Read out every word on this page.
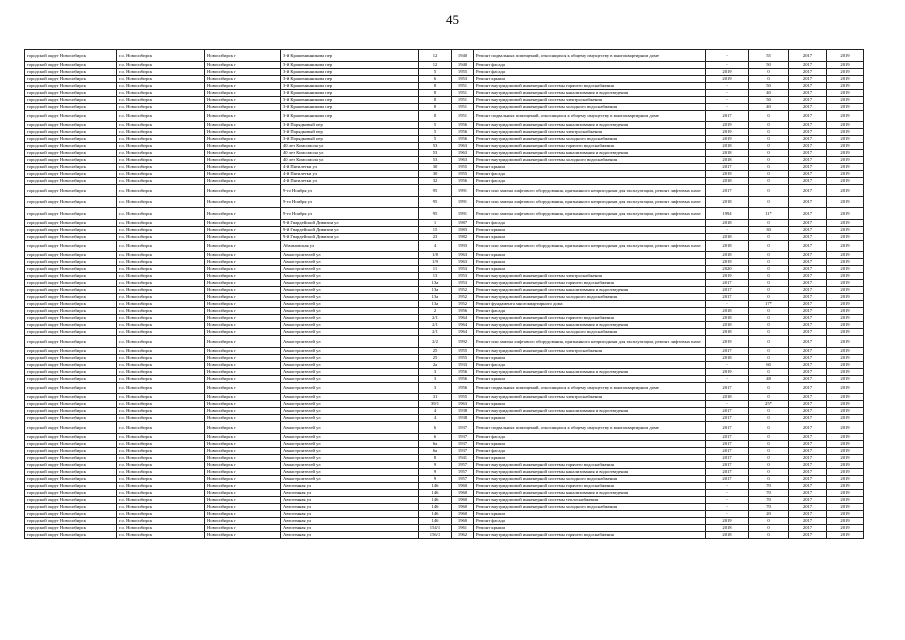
45
городской округ Новосибирск	г.о. Новосибирск	Новосибирск г	3-й Крашенинникова пер	12	1940	Ремонт подвальных помещений, относящихся к общему имуществу в многоквартирном доме	-	55	2017	2019
городской округ Новосибирск	г.о. Новосибирск	Новосибирск г	3-й Крашенинникова пер	12	1940	Ремонт фасада	-	50	2017	2019
городской округ Новосибирск	г.о. Новосибирск	Новосибирск г	3-й Крашенинникова пер	5	1955	Ремонт фасада	2019	0	2017	2019
городской округ Новосибирск	г.о. Новосибирск	Новосибирск г	3-й Крашенинникова пер	6	1953	Ремонт крыши	2019	0	2017	2019
городской округ Новосибирск	г.о. Новосибирск	Новосибирск г	3-й Крашенинникова пер	8	1951	Ремонт внутридомовой инженерной системы горячего водоснабжения	-	50	2017	2019
городской округ Новосибирск	г.о. Новосибирск	Новосибирск г	3-й Крашенинникова пер	8	1951	Ремонт внутридомовой инженерной системы канализования и водоотведения	-	40	2017	2019
городской округ Новосибирск	г.о. Новосибирск	Новосибирск г	3-й Крашенинникова пер	8	1951	Ремонт внутридомовой инженерной системы электроснабжения	-	50	2017	2019
городской округ Новосибирск	г.о. Новосибирск	Новосибирск г	3-й Крашенинникова пер	8	1951	Ремонт внутридомовой инженерной системы холодного водоснабжения	-	40	2017	2019
городской округ Новосибирск	г.о. Новосибирск	Новосибирск г	3-й Крашенинникова пер	8	1951	Ремонт подвальных помещений, относящихся к общему имуществу в многоквартирном доме	2017	0	2017	2019
городской округ Новосибирск	г.о. Новосибирск	Новосибирск г	3-й Порядковый пер	5	1956	Ремонт внутридомовой инженерной системы канализования и водоотведения	2019	0	2017	2019
городской округ Новосибирск	г.о. Новосибирск	Новосибирск г	3-й Порядковый пер	5	1956	Ремонт внутридомовой инженерной системы электроснабжения	2019	0	2017	2019
городской округ Новосибирск	г.о. Новосибирск	Новосибирск г	3-й Порядковый пер	5	1956	Ремонт внутридомовой инженерной системы холодного водоснабжения	2019	0	2017	2019
городской округ Новосибирск	г.о. Новосибирск	Новосибирск г	40 лет Комсомола ул	53	1963	Ремонт внутридомовой инженерной системы горячего водоснабжения	2018	0	2017	2019
городской округ Новосибирск	г.о. Новосибирск	Новосибирск г	40 лет Комсомола ул	53	1963	Ремонт внутридомовой инженерной системы канализования и водоотведения	2018	0	2017	2019
городской округ Новосибирск	г.о. Новосибирск	Новосибирск г	40 лет Комсомола ул	53	1963	Ремонт внутридомовой инженерной системы холодного водоснабжения	2018	0	2017	2019
городской округ Новосибирск	г.о. Новосибирск	Новосибирск г	4-й Пятилетки ул	30	1955	Ремонт крыши	2017	0	2017	2019
городской округ Новосибирск	г.о. Новосибирск	Новосибирск г	4-й Пятилетки ул	30	1955	Ремонт фасада	2019	0	2017	2019
городской округ Новосибирск	г.о. Новосибирск	Новосибирск г	4-й Пятилетки ул	32	1956	Ремонт фасада	2018	0	2017	2019
городской округ Новосибирск	г.о. Новосибирск	Новосибирск г	9-го Ноября ул	95	1991	Ремонт или замена лифтового оборудования, признанного непригодным для эксплуатации, ремонт лифтовых шахт	2017	0	2017	2019
городской округ Новосибирск	г.о. Новосибирск	Новосибирск г	9-го Ноября ул	95	1991	Ремонт или замена лифтового оборудования, признанного непригодным для эксплуатации, ремонт лифтовых шахт	2018	0	2017	2019
городской округ Новосибирск	г.о. Новосибирск	Новосибирск г	9-го Ноября ул	95	1991	Ремонт или замена лифтового оборудования, признанного непригодным для эксплуатации, ремонт лифтовых шахт	1994	11*	2017	2019
городской округ Новосибирск	г.о. Новосибирск	Новосибирск г	9-й Гвардейской Дивизии ул	1	1987	Ремонт фасада	2018	0	2017	2019
городской округ Новосибирск	г.о. Новосибирск	Новосибирск г	9-й Гвардейской Дивизии ул	15	1983	Ремонт крыши	-	30	2017	2019
городской округ Новосибирск	г.о. Новосибирск	Новосибирск г	9-й Гвардейской Дивизии ул	23	1982	Ремонт крыши	2018	0	2017	2019
городской округ Новосибирск	г.о. Новосибирск	Новосибирск г	Абаимовская ул	4	1993	Ремонт или замена лифтового оборудования, признанного непригодным для эксплуатации, ремонт лифтовых шахт	2018	0	2017	2019
городской округ Новосибирск	г.о. Новосибирск	Новосибирск г	Авиастроителей ул	1/8	1963	Ремонт крыши	2018	0	2017	2019
городской округ Новосибирск	г.о. Новосибирск	Новосибирск г	Авиастроителей ул	1/9	1963	Ремонт крыши	2019	0	2017	2019
городской округ Новосибирск	г.о. Новосибирск	Новосибирск г	Авиастроителей ул	11	1953	Ремонт крыши	2020	0	2017	2019
городской округ Новосибирск	г.о. Новосибирск	Новосибирск г	Авиастроителей ул	13	1953	Ремонт внутридомовой инженерной системы электроснабжения	2019	0	2017	2019
городской округ Новосибирск	г.о. Новосибирск	Новосибирск г	Авиастроителей ул	13а	1953	Ремонт внутридомовой инженерной системы горячего водоснабжения	2017	0	2017	2019
городской округ Новосибирск	г.о. Новосибирск	Новосибирск г	Авиастроителей ул	13а	1952	Ремонт внутридомовой инженерной системы канализования и водоотведения	2017	0	2017	2019
городской округ Новосибирск	г.о. Новосибирск	Новосибирск г	Авиастроителей ул	13а	1952	Ремонт внутридомовой инженерной системы холодного водоснабжения	2017	0	2017	2019
городской округ Новосибирск	г.о. Новосибирск	Новосибирск г	Авиастроителей ул	13а	1952	Ремонт фундамента многоквартирного дома	-	17*	2017	2019
городской округ Новосибирск	г.о. Новосибирск	Новосибирск г	Авиастроителей ул	2	1956	Ремонт фасада	2018	0	2017	2019
городской округ Новосибирск	г.о. Новосибирск	Новосибирск г	Авиастроителей ул	2/1	1964	Ремонт внутридомовой инженерной системы горячего водоснабжения	2018	0	2017	2019
городской округ Новосибирск	г.о. Новосибирск	Новосибирск г	Авиастроителей ул	2/1	1964	Ремонт внутридомовой инженерной системы канализования и водоотведения	2018	0	2017	2019
городской округ Новосибирск	г.о. Новосибирск	Новосибирск г	Авиастроителей ул	2/1	1964	Ремонт внутридомовой инженерной системы холодного водоснабжения	2018	0	2017	2019
городской округ Новосибирск	г.о. Новосибирск	Новосибирск г	Авиастроителей ул	2/2	1992	Ремонт или замена лифтового оборудования, признанного непригодным для эксплуатации, ремонт лифтовых шахт	2019	0	2017	2019
городской округ Новосибирск	г.о. Новосибирск	Новосибирск г	Авиастроителей ул	25	1955	Ремонт внутридомовой инженерной системы электроснабжения	2017	0	2017	2019
городской округ Новосибирск	г.о. Новосибирск	Новосибирск г	Авиастроителей ул	25	1955	Ремонт крыши	2018	0	2017	2019
городской округ Новосибирск	г.о. Новосибирск	Новосибирск г	Авиастроителей ул	2а	1933	Ремонт фасада	-	60	2017	2019
городской округ Новосибирск	г.о. Новосибирск	Новосибирск г	Авиастроителей ул	3	1956	Ремонт внутридомовой инженерной системы канализования и водоотведения	2019	0	2017	2019
городской округ Новосибирск	г.о. Новосибирск	Новосибирск г	Авиастроителей ул	3	1956	Ремонт крыши	-	48	2017	2019
городской округ Новосибирск	г.о. Новосибирск	Новосибирск г	Авиастроителей ул	3	1956	Ремонт подвальных помещений, относящихся к общему имуществу в многоквартирном доме	2017	0	2017	2019
городской округ Новосибирск	г.о. Новосибирск	Новосибирск г	Авиастроителей ул	31	1955	Ремонт внутридомовой инженерной системы электроснабжения	2018	0	2017	2019
городской округ Новосибирск	г.о. Новосибирск	Новосибирск г	Авиастроителей ул	39/1	1963	Ремонт крыши	-	25*	2017	2019
городской округ Новосибирск	г.о. Новосибирск	Новосибирск г	Авиастроителей ул	4	1938	Ремонт внутридомовой инженерной системы канализования и водоотведения	2017	0	2017	2019
городской округ Новосибирск	г.о. Новосибирск	Новосибирск г	Авиастроителей ул	4	1938	Ремонт крыши	2017	0	2017	2019
городской округ Новосибирск	г.о. Новосибирск	Новосибирск г	Авиастроителей ул	6	1937	Ремонт подвальных помещений, относящихся к общему имуществу в многоквартирном доме	2017	0	2017	2019
городской округ Новосибирск	г.о. Новосибирск	Новосибирск г	Авиастроителей ул	6	1937	Ремонт фасада	2017	0	2017	2019
городской округ Новосибирск	г.о. Новосибирск	Новосибирск г	Авиастроителей ул	6а	1937	Ремонт крыши	2017	0	2017	2019
городской округ Новосибирск	г.о. Новосибирск	Новосибирск г	Авиастроителей ул	6а	1937	Ремонт фасада	2017	0	2017	2019
городской округ Новосибирск	г.о. Новосибирск	Новосибирск г	Авиастроителей ул	8	1941	Ремонт крыши	2017	0	2017	2019
городской округ Новосибирск	г.о. Новосибирск	Новосибирск г	Авиастроителей ул	9	1957	Ремонт внутридомовой инженерной системы горячего водоснабжения	2017	0	2017	2019
городской округ Новосибирск	г.о. Новосибирск	Новосибирск г	Авиастроителей ул	9	1957	Ремонт внутридомовой инженерной системы канализования и водоотведения	2017	0	2017	2019
городской округ Новосибирск	г.о. Новосибирск	Новосибирск г	Авиастроителей ул	9	1957	Ремонт внутридомовой инженерной системы холодного водоснабжения	2017	0	2017	2019
городской округ Новосибирск	г.о. Новосибирск	Новосибирск г	Автогенная ул	146	1960	Ремонт внутридомовой инженерной системы горячего водоснабжения	-	70	2017	2019
городской округ Новосибирск	г.о. Новосибирск	Новосибирск г	Автогенная ул	146	1960	Ремонт внутридомовой инженерной системы канализования и водоотведения	-	70	2017	2019
городской округ Новосибирск	г.о. Новосибирск	Новосибирск г	Автогенная ул	146	1960	Ремонт внутридомовой инженерной системы теплоснабжения	-	70	2017	2019
городской округ Новосибирск	г.о. Новосибирск	Новосибирск г	Автогенная ул	146	1960	Ремонт внутридомовой инженерной системы холодного водоснабжения	-	70	2017	2019
городской округ Новосибирск	г.о. Новосибирск	Новосибирск г	Автогенная ул	146	1960	Ремонт крыши	-	20	2017	2019
городской округ Новосибирск	г.о. Новосибирск	Новосибирск г	Автогенная ул	146	1960	Ремонт фасада	2019	0	2017	2019
городской округ Новосибирск	г.о. Новосибирск	Новосибирск г	Автогенная ул	154/1	1961	Ремонт крыши	2018	0	2017	2019
городской округ Новосибирск	г.о. Новосибирск	Новосибирск г	Автогенная ул	156/1	1962	Ремонт внутридомовой инженерной системы горячего водоснабжения	2018	0	2017	2019
